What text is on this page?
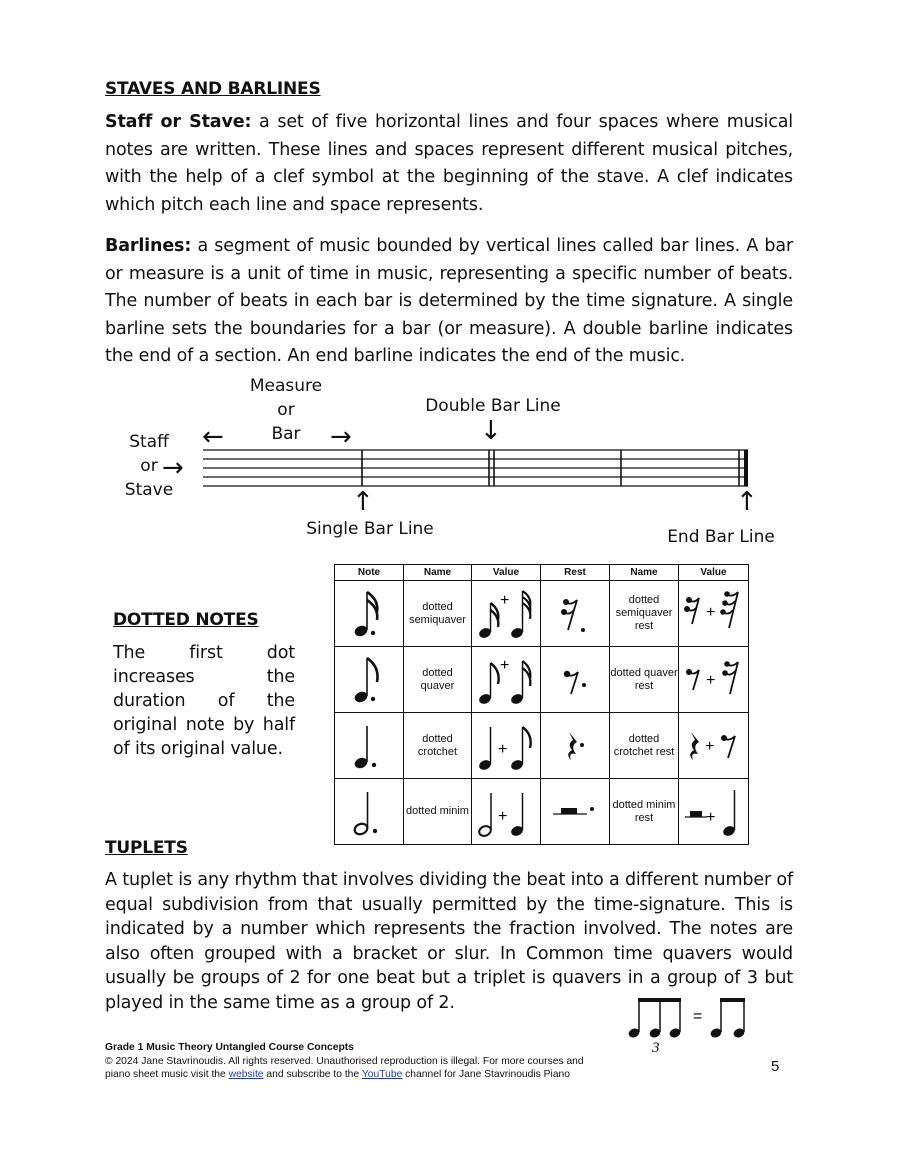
STAVES AND BARLINES
Staff or Stave: a set of five horizontal lines and four spaces where musical notes are written. These lines and spaces represent different musical pitches, with the help of a clef symbol at the beginning of the stave. A clef indicates which pitch each line and space represents.
Barlines: a segment of music bounded by vertical lines called bar lines. A bar or measure is a unit of time in music, representing a specific number of beats. The number of beats in each bar is determined by the time signature. A single barline sets the boundaries for a bar (or measure). A double barline indicates the end of a section. An end barline indicates the end of the music.
Measure
or
Bar
Double Bar Line
Staff
or
Stave
Single Bar Line	End Bar Line
←	→
→
↓
↑	↑
DOTTED NOTES
The first dot increases the duration of the original note by half of its original value.
Note	Name	Value	Rest	Name	Value

	dotted semiquaver	+		dotted semiquaver rest	+

	dotted quaver	+		dotted quaver rest	+

	dotted crotchet	+		dotted crotchet rest	+

	dotted minim	+		dotted minim rest	+
TUPLETS
A tuplet is any rhythm that involves dividing the beat into a different number of equal subdivision from that usually permitted by the time-signature. This is indicated by a number which represents the fraction involved. The notes are also often grouped with a bracket or slur. In Common time quavers would usually be groups of 2 for one beat but a triplet is quavers in a group of 3 but played in the same time as a group of 2.
3
=
Grade 1 Music Theory Untangled Course Concepts
© 2024 Jane Stavrinoudis. All rights reserved. Unauthorised reproduction is illegal. For more courses and
piano sheet music visit the website and subscribe to the YouTube channel for Jane Stavrinoudis Piano	5
